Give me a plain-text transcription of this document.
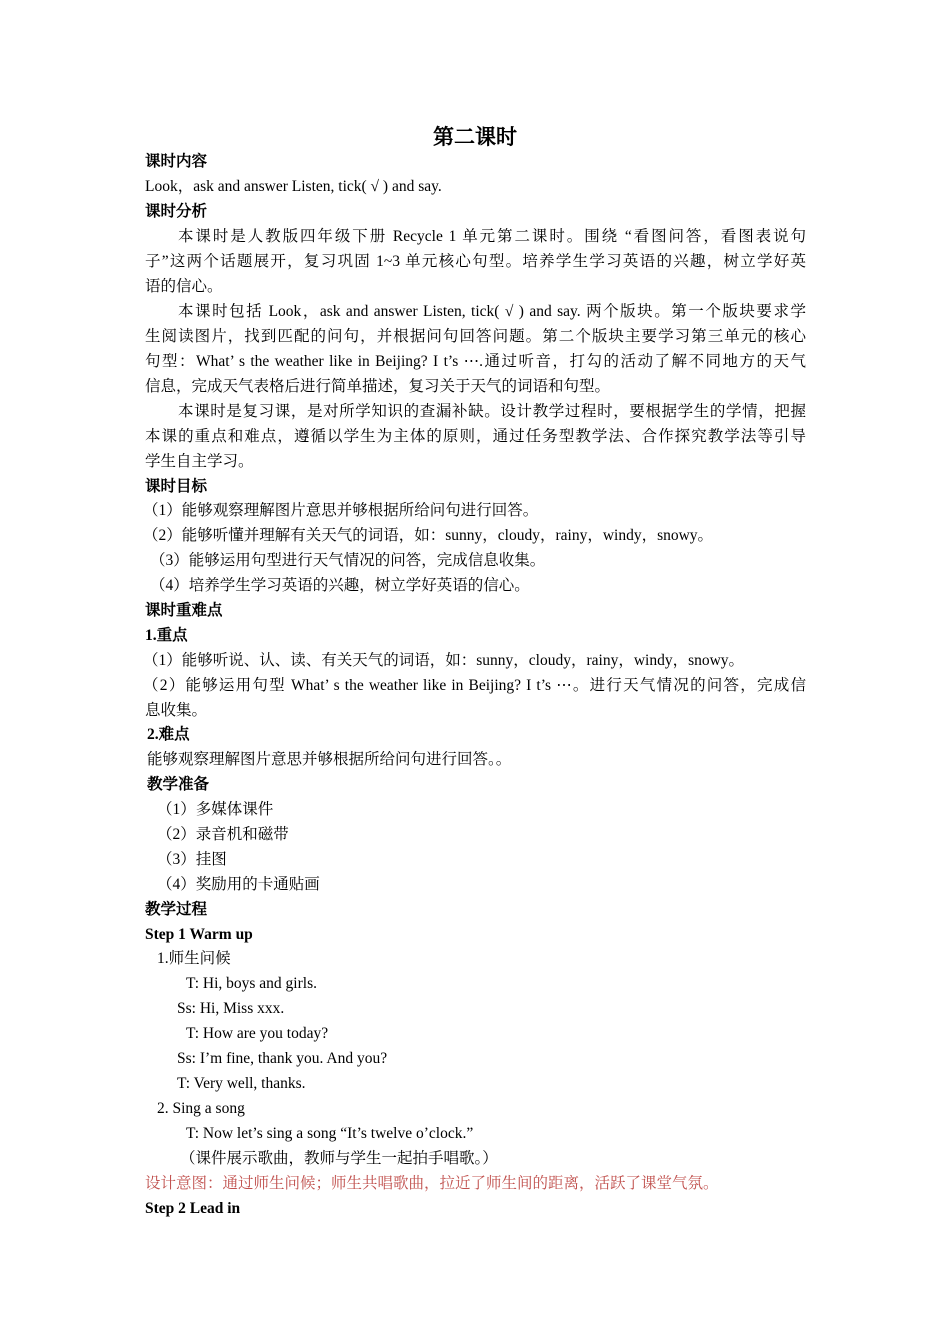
第二课时
课时内容
Look，ask and answer Listen, tick( √ ) and say.
课时分析
本课时是人教版四年级下册 Recycle 1 单元第二课时。围绕 “看图问答，看图表说句
子”这两个话题展开，复习巩固 1~3 单元核心句型。培养学生学习英语的兴趣，树立学好英
语的信心。
本课时包括 Look，ask and answer Listen, tick( √ ) and say. 两个版块。第一个版块要求学
生阅读图片，找到匹配的问句，并根据问句回答问题。第二个版块主要学习第三单元的核心
句型：What’ s the weather like in Beijing? I t’s ⋯.通过听音，打勾的活动了解不同地方的天气
信息，完成天气表格后进行简单描述，复习关于天气的词语和句型。
本课时是复习课，是对所学知识的查漏补缺。设计教学过程时，要根据学生的学情，把握
本课的重点和难点，遵循以学生为主体的原则，通过任务型教学法、合作探究教学法等引导
学生自主学习。
课时目标
（1）能够观察理解图片意思并够根据所给问句进行回答。
（2）能够听懂并理解有关天气的词语，如：sunny，cloudy，rainy，windy，snowy。
（3）能够运用句型进行天气情况的问答，完成信息收集。
（4）培养学生学习英语的兴趣，树立学好英语的信心。
课时重难点
1.重点
（1）能够听说、认、读、有关天气的词语，如：sunny，cloudy，rainy，windy，snowy。
（2）能够运用句型 What’ s the weather like in Beijing? I t’s ⋯。进行天气情况的问答，完成信
息收集。
2.难点
能够观察理解图片意思并够根据所给问句进行回答。。
教学准备
（1）多媒体课件
（2）录音机和磁带
（3）挂图
（4）奖励用的卡通贴画
教学过程
Step 1 Warm up
1.师生问候
T: Hi, boys and girls.
Ss: Hi, Miss xxx.
T: How are you today?
Ss: I’m fine, thank you. And you?
T: Very well, thanks.
2. Sing a song
T: Now let’s sing a song “It’s twelve o’clock.”
（课件展示歌曲，教师与学生一起拍手唱歌。）
设计意图：通过师生问候；师生共唱歌曲，拉近了师生间的距离，活跃了课堂气氛。
Step 2 Lead in
